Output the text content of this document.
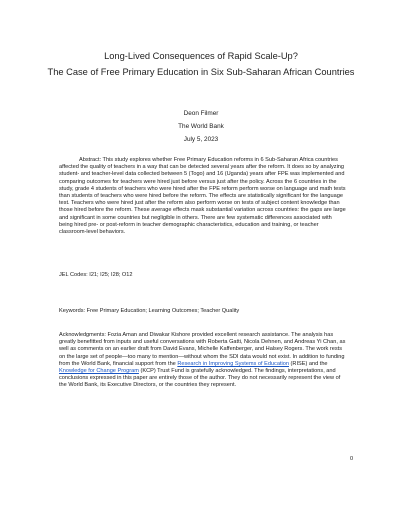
Long-Lived Consequences of Rapid Scale-Up?
The Case of Free Primary Education in Six Sub-Saharan African Countries
Deon Filmer
The World Bank
July 5, 2023
Abstract: This study explores whether Free Primary Education reforms in 6 Sub-Saharan Africa countries affected the quality of teachers in a way that can be detected several years after the reform. It does so by analyzing student- and teacher-level data collected between 5 (Togo) and 16 (Uganda) years after FPE was implemented and comparing outcomes for teachers were hired just before versus just after the policy. Across the 6 countries in the study, grade 4 students of teachers who were hired after the FPE reform perform worse on language and math tests than students of teachers who were hired before the reform. The effects are statistically significant for the language test. Teachers who were hired just after the reform also perform worse on tests of subject content knowledge than those hired before the reform. These average effects mask substantial variation across countries: the gaps are large and significant in some countries but negligible in others. There are few systematic differences associated with being hired pre- or post-reform in teacher demographic characteristics, education and training, or teacher classroom-level behaviors.
JEL Codes: I21; I25; I28; O12
Keywords: Free Primary Education; Learning Outcomes; Teacher Quality
Acknowledgments: Fozia Aman and Diwakar Kishore provided excellent research assistance. The analysis has greatly benefitted from inputs and useful conversations with Roberta Gatti, Nicola Dehnen, and Andreas Yi Chan, as well as comments on an earlier draft from David Evans, Michelle Kaffenberger, and Halsey Rogers. The work rests on the large set of people—too many to mention—without whom the SDI data would not exist. In addition to funding from the World Bank, financial support from the Research in Improving Systems of Education (RISE) and the Knowledge for Change Program (KCP) Trust Fund is gratefully acknowledged. The findings, interpretations, and conclusions expressed in this paper are entirely those of the author. They do not necessarily represent the view of the World Bank, its Executive Directors, or the countries they represent.
0
